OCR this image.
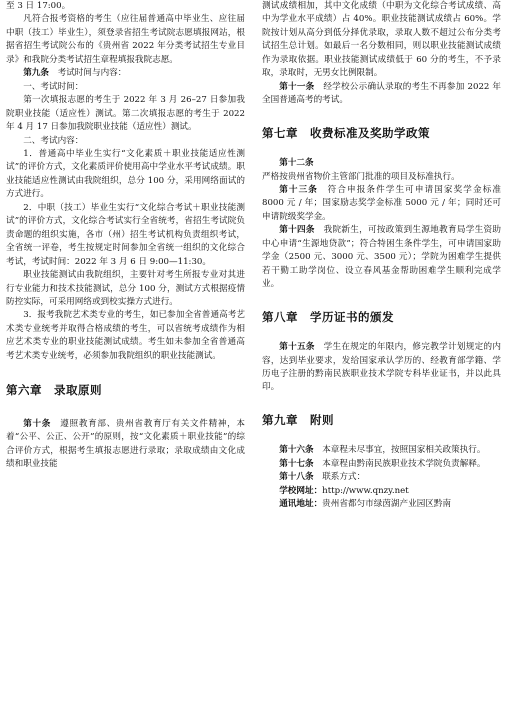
至 3 日 17:00。

凡符合报考资格的考生（应往届普通高中毕业生、应往届中职（技工）毕业生），须登录省招生考试院志愿填报网站，根据省招生考试院公布的《贵州省 2022 年分类考试招生专业目录》和我院分类考试招生章程填报我院志愿。

第九条　 考试时间与内容：

一、考试时间：

第一次填报志愿的考生于 2022 年 3 月 26–27 日参加我院职业技能（适应性）测试。第二次填报志愿的考生于 2022 年 4 月 17 日参加我院职业技能（适应性）测试。

二、考试内容：

1．普通高中毕业生实行“文化素质＋职业技能适应性测试”的评价方式，文化素质评价使用高中学业水平考试成绩。职业技能适应性测试由我院组织，总分 100 分，采用网络面试的方式进行。

2．中职（技工）毕业生实行“文化综合考试＋职业技能测试”的评价方式，文化综合考试实行全省统考，省招生考试院负责命题的组织实施，各市（州）招生考试机构负责组织考试，全省统一评卷，考生按规定时间参加全省统一组织的文化综合考试，考试时间：2022 年 3 月 6 日 9:00—11:30。

职业技能测试由我院组织，主要针对考生所报专业对其进行专业能力和技术技能测试，总分 100 分，测试方式根据疫情防控实际，可采用网络或到校实操方式进行。

3．报考我院艺术类专业的考生，如已参加全省普通高考艺术类专业统考并取得合格成绩的考生，可以省统考成绩作为相应艺术类专业的职业技能测试成绩。考生如未参加全省普通高考艺术类专业统考，必须参加我院组织的职业技能测试。

第六章　录取原则

第十条　 遵照教育部、贵州省教育厅有关文件精神，本着“公平、公正、公开”的原则，按“文化素质＋职业技能”的综合评价方式，根据考生填报志愿进行录取；录取成绩由文化成绩和职业技能

测试成绩相加，其中文化成绩（中职为文化综合考试成绩、高中为学业水平成绩）占 40%。职业技能测试成绩占 60%。学院按计划从高分到低分择优录取，录取人数不超过公布分类考试招生总计划。如最后一名分数相同，则以职业技能测试成绩作为录取依据。职业技能测试成绩低于 60 分的考生，不予录取，录取时，无男女比例限制。

第十一条　 经学校公示确认录取的考生不再参加 2022 年全国普通高考的考试。

第七章　收费标准及奖助学政策

第十二条
严格按贵州省物价主管部门批准的项目及标准执行。

第十三条　 符合申报条件学生可申请国家奖学金标准 8000 元 / 年；国家励志奖学金标准 5000 元 / 年；同时还可申请院级奖学金。

第十四条　 我院新生，可按政策到生源地教育局学生资助中心申请“生源地贷款”；符合特困生条件学生，可申请国家助学金（2500 元、3000 元、3500 元）；学院为困难学生提供若干勤工助学岗位、设立春风基金帮助困难学生顺利完成学业。

第八章　学历证书的颁发

第十五条　 学生在规定的年限内，修完教学计划规定的内容，达到毕业要求，发给国家承认学历的、经教育部学籍、学历电子注册的黔南民族职业技术学院专科毕业证书，并以此具印。

第九章　附则

第十六条　 本章程未尽事宜，按照国家相关政策执行。

第十七条　 本章程由黔南民族职业技术学院负责解释。

第十八条　 联系方式：

学校网址：http://www.qnzy.net

通讯地址：贵州省都匀市绿茵湖产业园区黔南
